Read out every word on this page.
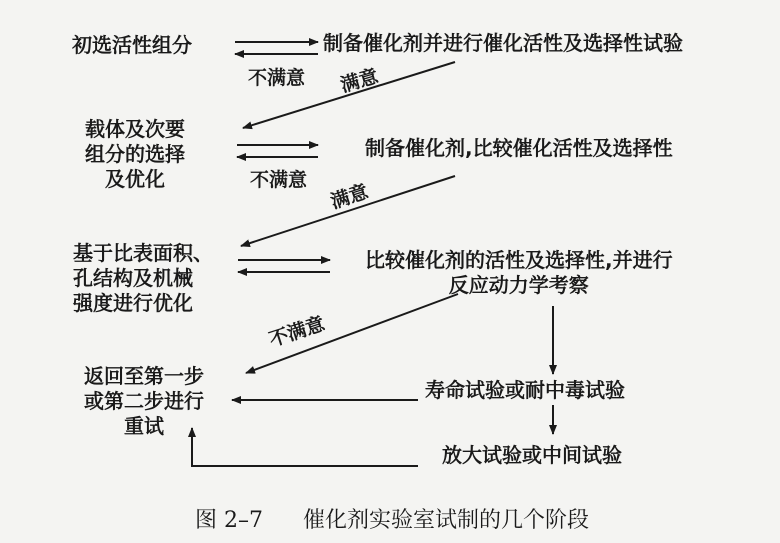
初选活性组分
载体及次要
组分的选择
及优化
基于比表面积、
孔结构及机械
强度进行优化
返回至第一步
或第二步进行
重试
制备催化剂并进行催化活性及选择性试验
制备催化剂,比较催化活性及选择性
比较催化剂的活性及选择性,并进行
反应动力学考察
寿命试验或耐中毒试验
放大试验或中间试验
不满意 满意
不满意
满意
不满意
图 2–7 催化剂实验室试制的几个阶段
